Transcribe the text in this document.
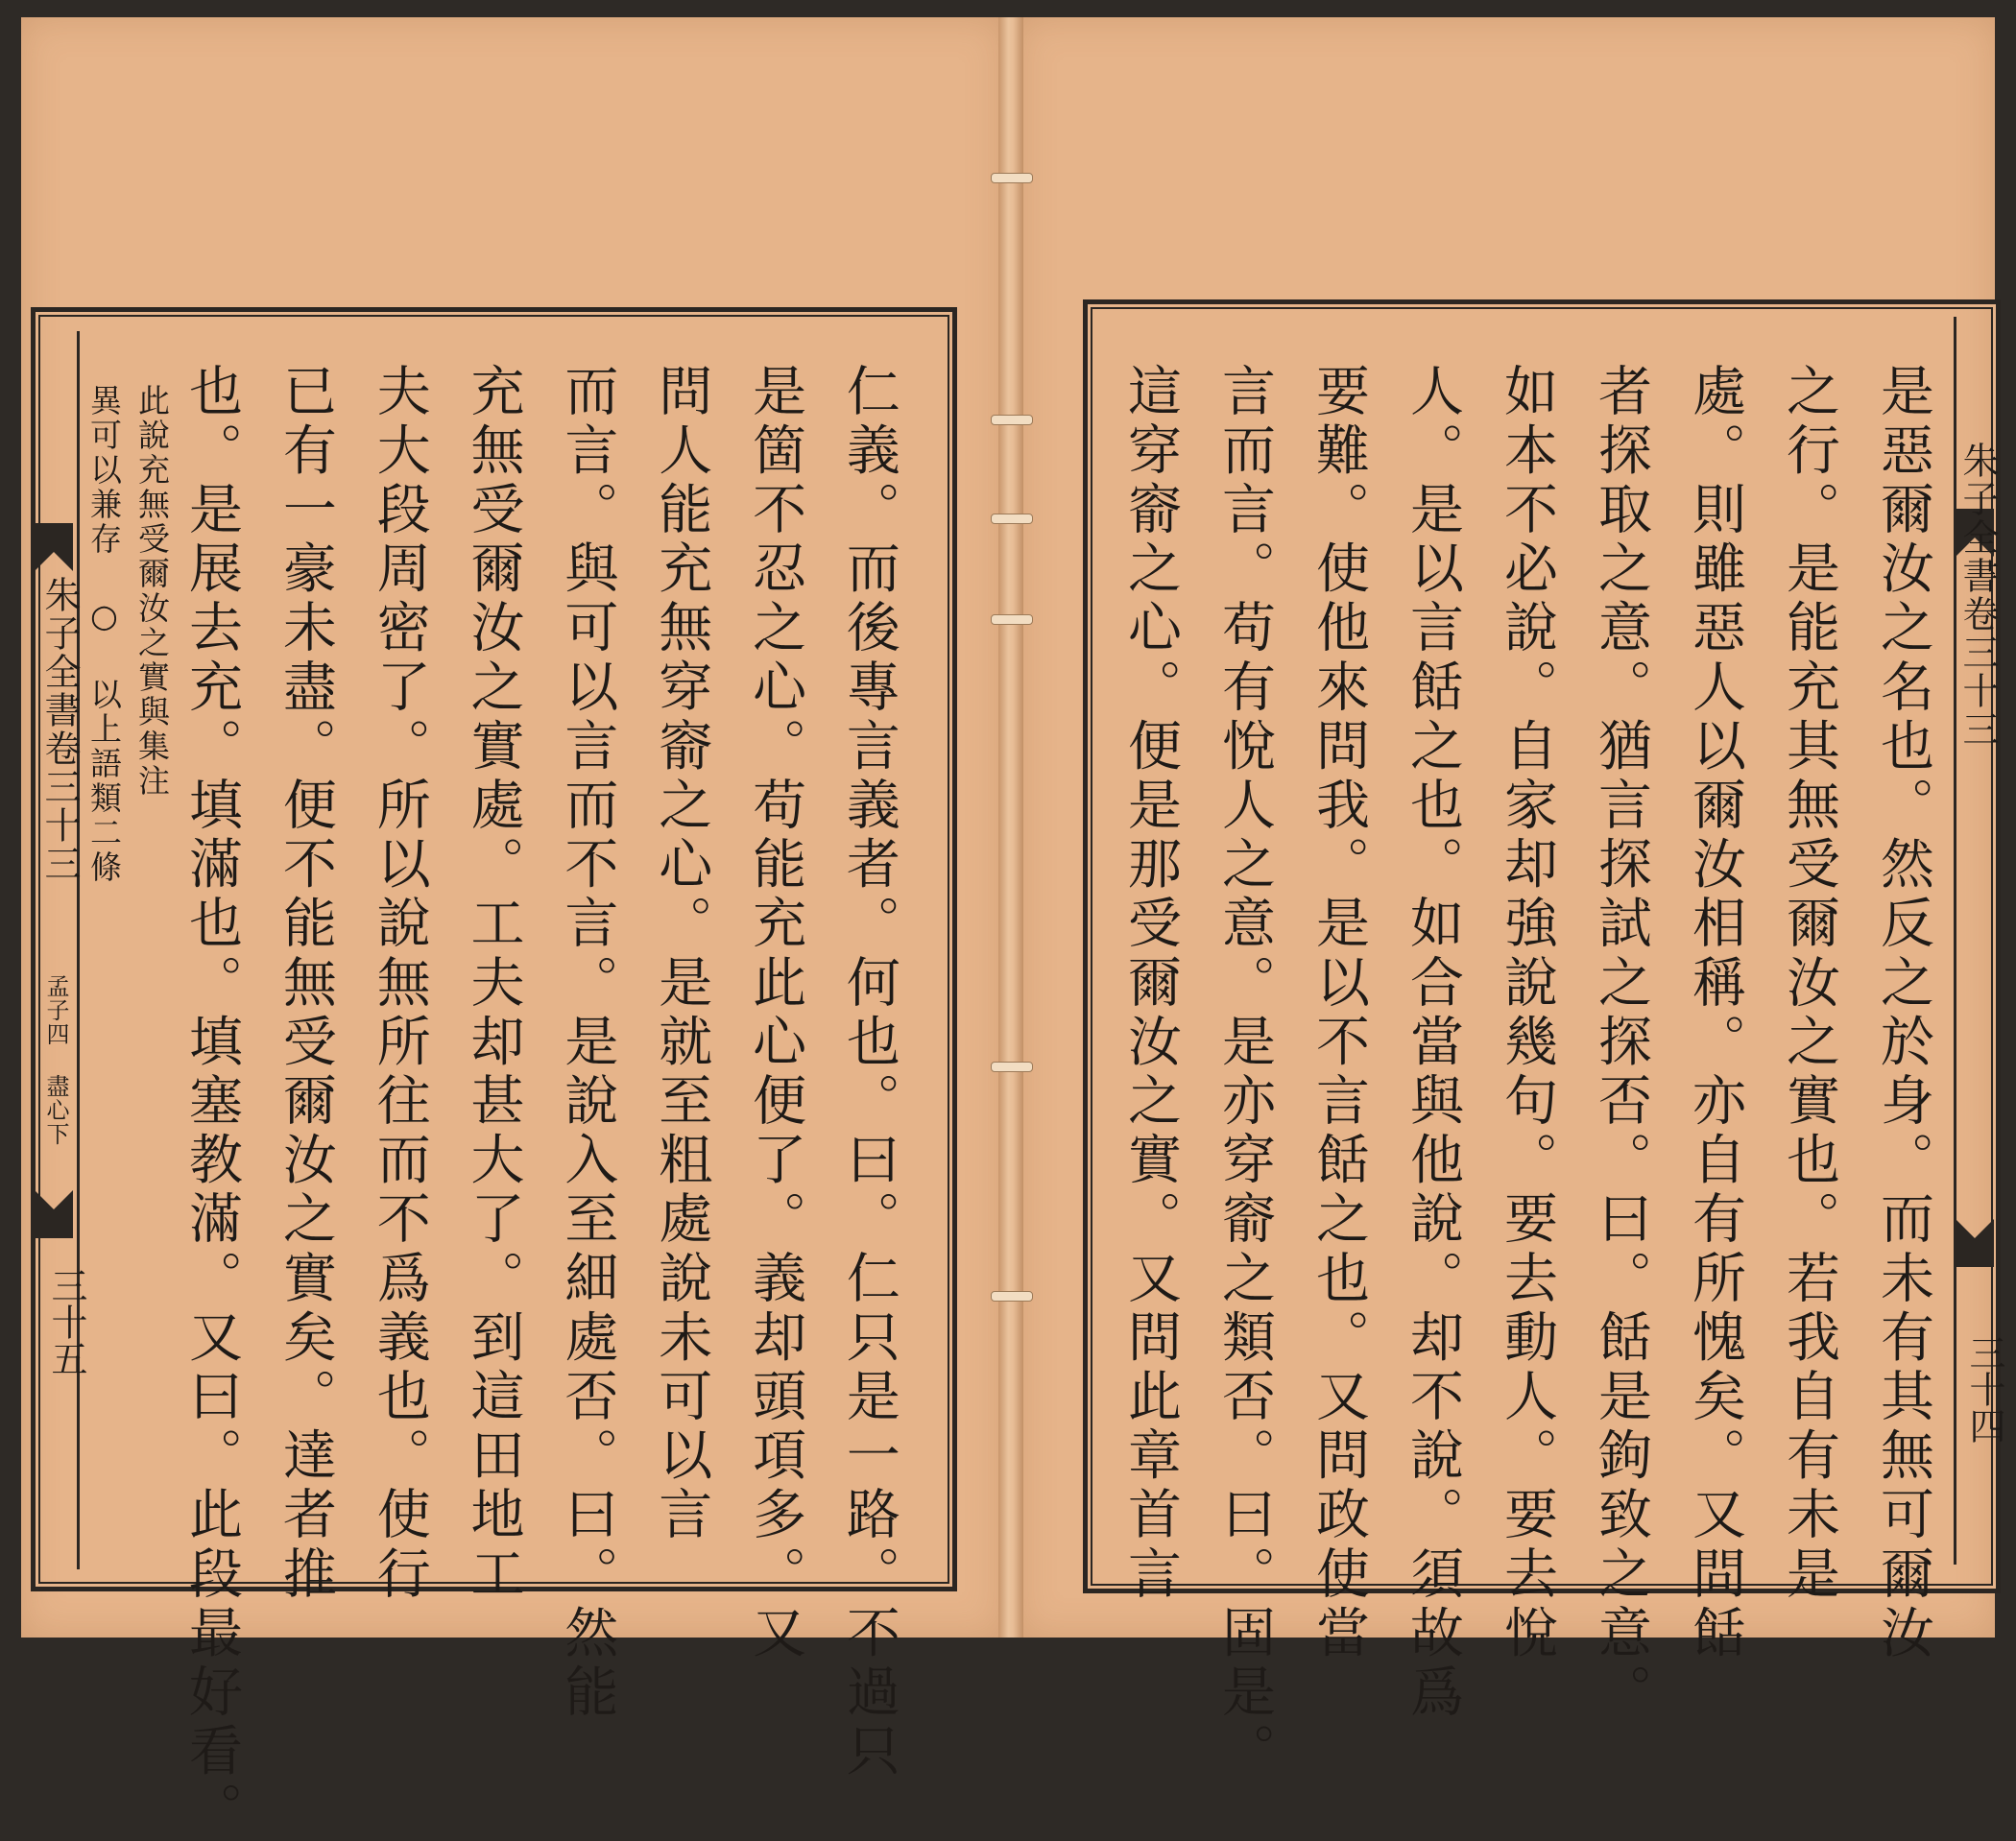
朱子全書卷三十三
孟子四 盡心下
三十五
此說充無受爾汝之實與集注
異可以兼存 ○ 以上語類二條	仁義。而後專言義者。何也。曰。仁只是一路。不過只
是箇不忍之心。苟能充此心便了。義却頭項多。又
問人能充無穿窬之心。是就至粗處說未可以言
而言。與可以言而不言。是說入至細處否。曰。然能
充無受爾汝之實處。工夫却甚大了。到這田地工
夫大段周密了。所以說無所往而不爲義也。使行
已有一豪未盡。便不能無受爾汝之實矣。達者推
也。是展去充。填滿也。填塞教滿。又曰。此段最好看。	朱子全書卷三十三
三十四
是惡爾汝之名也。然反之於身。而未有其無可爾汝
之行。是能充其無受爾汝之實也。若我自有未是
處。則雖惡人以爾汝相稱。亦自有所愧矣。又問餂
者探取之意。猶言探試之探否。曰。餂是鉤致之意。
如本不必說。自家却強說幾句。要去動人。要去悅
人。是以言餂之也。如合當與他說。却不說。須故爲
要難。使他來問我。是以不言餂之也。又問政使當
言而言。苟有悅人之意。是亦穿窬之類否。曰。固是。
這穿窬之心。便是那受爾汝之實。又問此章首言
